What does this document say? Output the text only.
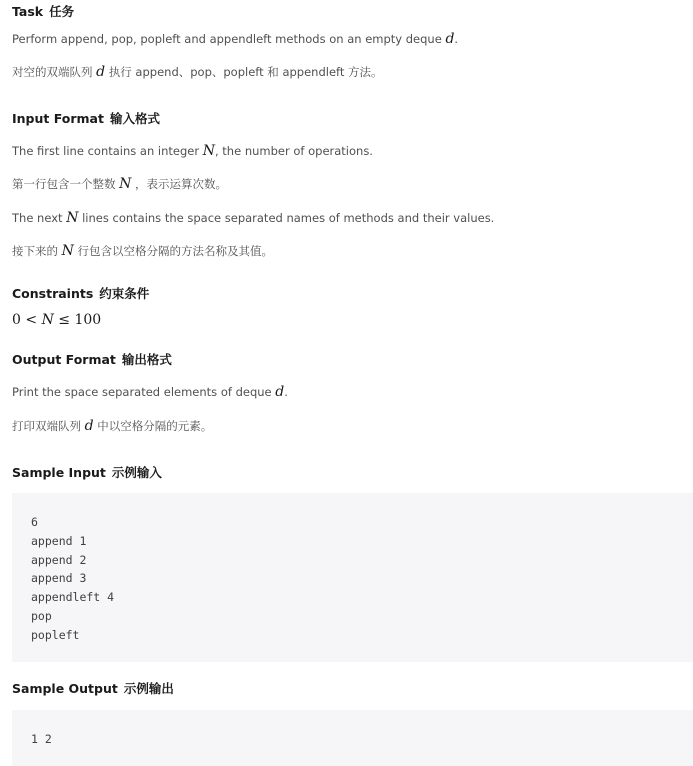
Task 任务
Perform append, pop, popleft and appendleft methods on an empty deque d.
对空的双端队列 d 执行 append、pop、popleft 和 appendleft 方法。
Input Format 输入格式
The first line contains an integer N, the number of operations.
第一行包含一个整数 N ，表示运算次数。
The next N lines contains the space separated names of methods and their values.
接下来的 N 行包含以空格分隔的方法名称及其值。
Constraints 约束条件
0 < N ≤ 100
Output Format 输出格式
Print the space separated elements of deque d.
打印双端队列 d 中以空格分隔的元素。
Sample Input 示例输入
6
append 1
append 2
append 3
appendleft 4
pop
popleft
Sample Output 示例输出
1 2
